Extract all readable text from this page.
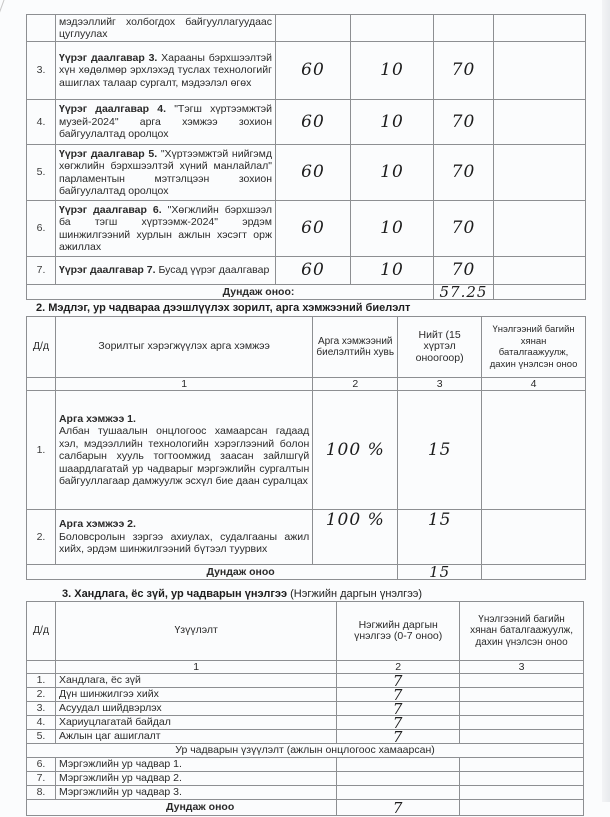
	мэдээллийг холбогдох байгууллагуудаас цуглуулах				
3.	Үүрэг даалгавар 3. Хараaны бэрхшээлтэй хүн хөдөлмөр эрхлэхэд туслах технологийг ашиглах талаар сургалт, мэдээлэл өгөх	60	10	70	
4.	Үүрэг даалгавар 4. "Тэгш хүртээмжтэй музей-2024" арга хэмжээ зохион байгуулалтад оролцох	60	10	70	
5.	Үүрэг даалгавар 5. "Хүртээмжтэй нийгэмд хөгжлийн бэрхшээлтэй хүний манлайлал" парламентын мэтгэлцээн зохион байгуулалтад оролцох	60	10	70	
6.	Үүрэг даалгавар 6. "Хөгжлийн бэрхшээл ба тэгш хүртээмж-2024" эрдэм шинжилгээний хурлын ажлын хэсэгт орж ажиллах	60	10	70	
7.	Үүрэг даалгавар 7. Бусад үүрэг даалгавар	60	10	70	
Дундаж оноо:				57.25	
2. Мэдлэг, ур чадвараа дээшлүүлэх зорилт, арга хэмжээний биелэлт
Д/д	Зорилтыг хэрэгжүүлэх арга хэмжээ	Арга хэмжээний биелэлтийн хувь	Нийт (15 хүртэл оноогоор)	Үнэлгээний багийн хянан баталгаажуулж, дахин үнэлсэн оноо
	1	2	3	4
1.	Арга хэмжээ 1.
Албан тушаалын онцлогоос хамаарсан гадаад хэл, мэдээллийн технологийн хэрэглээний болон салбарын хууль тогтоомжид заасан зайлшгүй шаардлагатай ур чадварыг мэргэжлийн сургалтын байгууллагаар дамжуулж эсхүл бие даан суралцах	100 %	15	
2.	Арга хэмжээ 2.
Боловсролын зэргээ ахиулах, судалгааны ажил хийх, эрдэм шинжилгээний бүтээл туурвих	100 %	15	
Дундаж оноо			15	
3. Хандлага, ёс зүй, ур чадварын үнэлгээ (Нэгжийн даргын үнэлгээ)
Д/д	Үзүүлэлт	Нэгжийн даргын үнэлгээ (0-7 оноо)	Үнэлгээний багийн хянан баталгаажуулж, дахин үнэлсэн оноо
	1	2	3
1.	Хандлага, ёс зүй	7	
2.	Дүн шинжилгээ хийх	7	
3.	Асуудал шийдвэрлэх	7	
4.	Хариуцлагатай байдал	7	
5.	Ажлын цаг ашиглалт	7	
Ур чадварын үзүүлэлт (ажлын онцлогоос хамаарсан)			
6.	Мэргэжлийн ур чадвар 1.		
7.	Мэргэжлийн ур чадвар 2.		
8.	Мэргэжлийн ур чадвар 3.		
Дундаж оноо		7	
